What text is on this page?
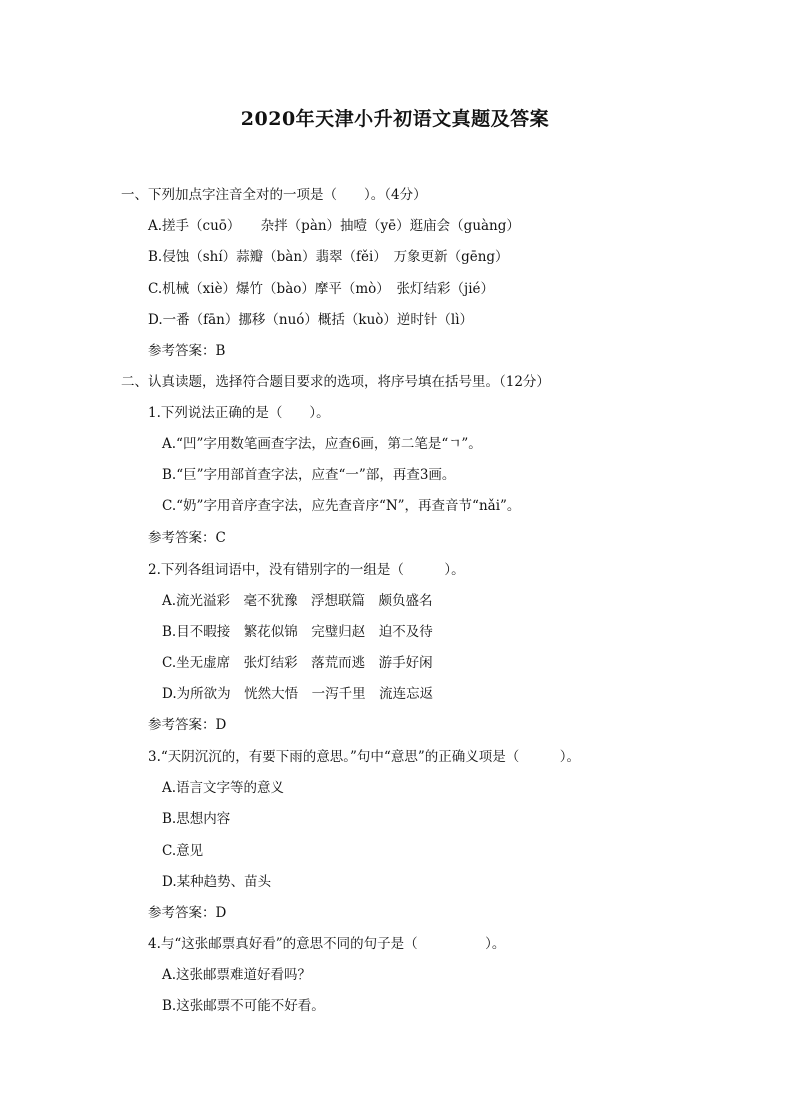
2020年天津小升初语文真题及答案
一、下列加点字注音全对的一项是（　　）。（4分）
A.搓手（cuō）　　杂拌（pàn）抽噎（yē）逛庙会（guàng）
B.侵蚀（shí）蒜瓣（bàn）翡翠（fěi）　万象更新（gēng）
C.机械（xiè）爆竹（bào）摩平（mò）　张灯结彩（jié）
D.一番（fān）挪移（nuó）概括（kuò）逆时针（lì）
参考答案：B
二、认真读题，选择符合题目要求的选项，将序号填在括号里。（12分）
1.下列说法正确的是（　　）。
A.“凹”字用数笔画查字法，应查6画，第二笔是“ㄱ”。
B.“巨”字用部首查字法，应查“一”部，再查3画。
C.“奶”字用音序查字法，应先查音序“N”，再查音节“nǎi”。
参考答案：C
2.下列各组词语中，没有错别字的一组是（　　　）。
A.流光溢彩　毫不犹豫　浮想联篇　颇负盛名
B.目不暇接　繁花似锦　完璧归赵　迫不及待
C.坐无虚席　张灯结彩　落荒而逃　游手好闲
D.为所欲为　恍然大悟　一泻千里　流连忘返
参考答案：D
3.“天阴沉沉的，有要下雨的意思。”句中“意思”的正确义项是（　　　）。
A.语言文字等的意义
B.思想内容
C.意见
D.某种趋势、苗头
参考答案：D
4.与“这张邮票真好看”的意思不同的句子是（　　　　　）。
A.这张邮票难道好看吗？
B.这张邮票不可能不好看。
